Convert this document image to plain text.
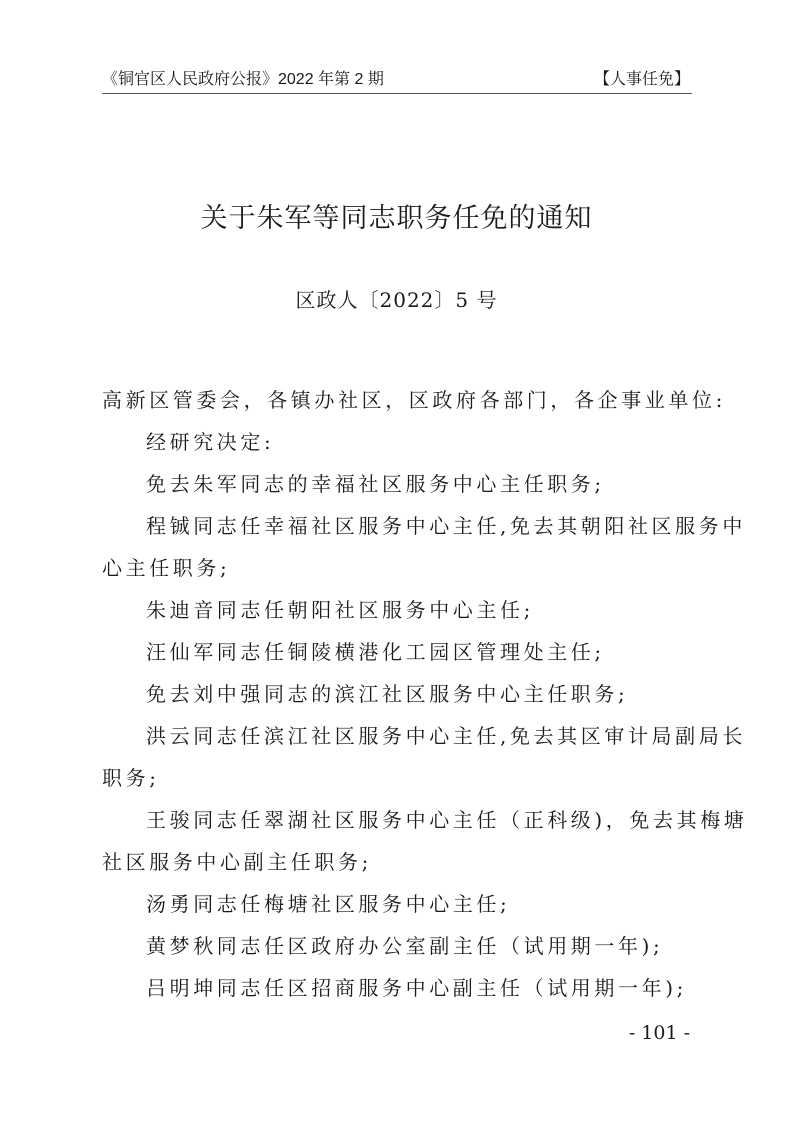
《铜官区人民政府公报》2022 年第 2 期	【人事任免】
关于朱军等同志职务任免的通知
区政人〔2022〕5 号
高新区管委会，各镇办社区，区政府各部门，各企事业单位:
经研究决定:
免去朱军同志的幸福社区服务中心主任职务;
程铖同志任幸福社区服务中心主任,免去其朝阳社区服务中
心主任职务;
朱迪音同志任朝阳社区服务中心主任;
汪仙军同志任铜陵横港化工园区管理处主任;
免去刘中强同志的滨江社区服务中心主任职务;
洪云同志任滨江社区服务中心主任,免去其区审计局副局长
职务;
王骏同志任翠湖社区服务中心主任（正科级)，免去其梅塘
社区服务中心副主任职务;
汤勇同志任梅塘社区服务中心主任;
黄梦秋同志任区政府办公室副主任（试用期一年);
吕明坤同志任区招商服务中心副主任（试用期一年);
- 101 -
